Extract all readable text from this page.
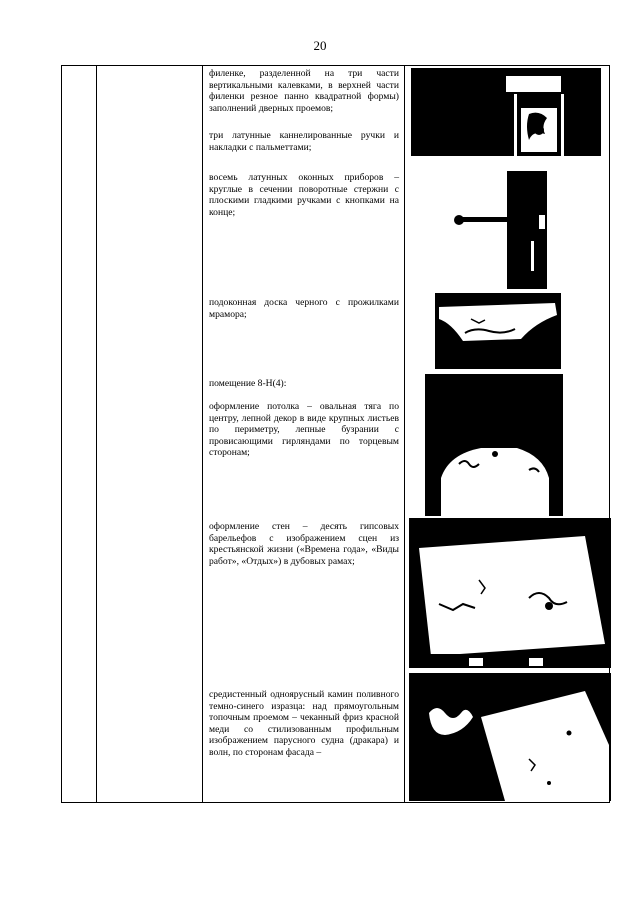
20

филенке, разделенной на три части вертикальными калевками, в верхней части филенки резное панно квадратной формы) заполнений дверных проемов;

три латунные каннелированные ручки и накладки с пальметтами;

восемь латунных оконных приборов – круглые в сечении поворотные стержни с плоскими гладкими ручками с кнопками на конце;

подоконная доска черного с прожилками мрамора;

помещение 8-Н(4):

оформление потолка – овальная тяга по центру, лепной декор в виде крупных листьев по периметру, лепные бузрании с провисающими гирляндами по торцевым сторонам;

оформление стен – десять гипсовых барельефов с изображением сцен из крестьянской жизни («Времена года», «Виды работ», «Отдых») в дубовых рамах;

средистенный одноярусный камин поливного темно-синего изразца: над прямоугольным топочным проемом – чеканный фриз красной меди со стилизованным профильным изображением парусного судна (дракара) и волн, по сторонам фасада –
